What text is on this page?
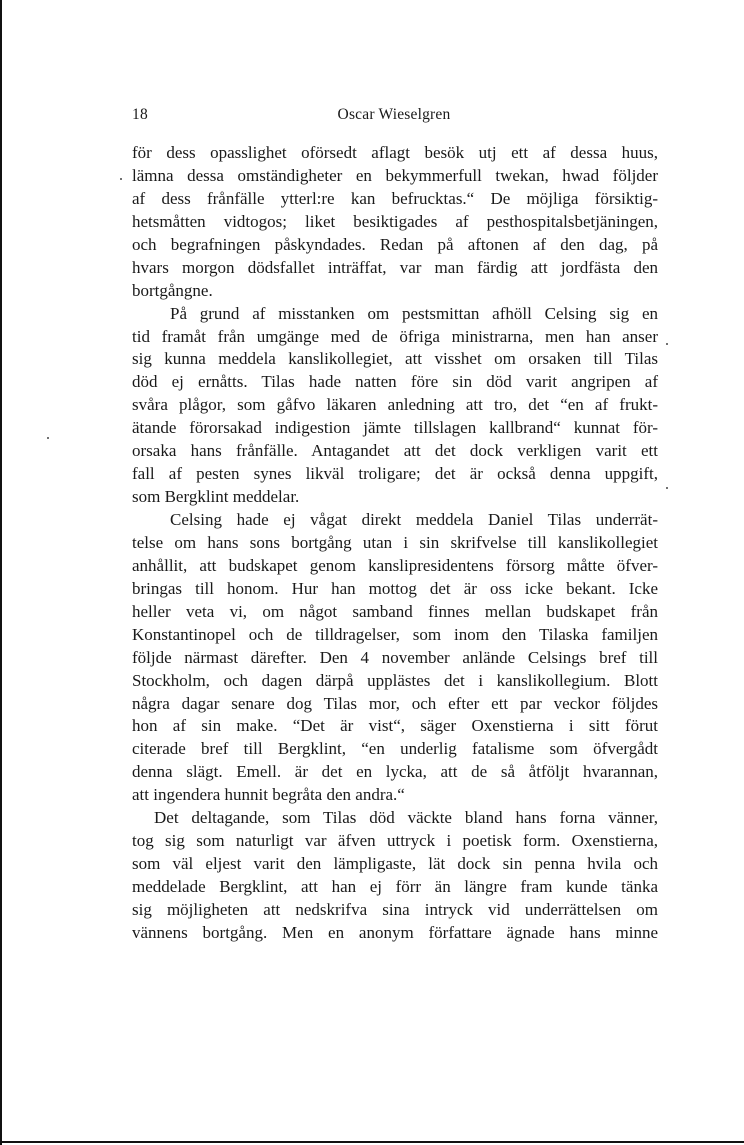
18	Oscar Wieselgren
för dess opasslighet oförsedt aflagt besök utj ett af dessa huus,
lämna dessa omständigheter en bekymmerfull twekan, hwad följder
af dess frånfälle ytterl:re kan befrucktas.“ De möjliga försiktig-
hetsmåtten vidtogos; liket besiktigades af pesthospitalsbetjäningen,
och begrafningen påskyndades. Redan på aftonen af den dag, på
hvars morgon dödsfallet inträffat, var man färdig att jordfästa den
bortgångne.
På grund af misstanken om pestsmittan afhöll Celsing sig en
tid framåt från umgänge med de öfriga ministrarna, men han anser
sig kunna meddela kanslikollegiet, att visshet om orsaken till Tilas
död ej ernåtts. Tilas hade natten före sin död varit angripen af
svåra plågor, som gåfvo läkaren anledning att tro, det “en af frukt-
ätande förorsakad indigestion jämte tillslagen kallbrand“ kunnat för-
orsaka hans frånfälle. Antagandet att det dock verkligen varit ett
fall af pesten synes likväl troligare; det är också denna uppgift,
som Bergklint meddelar.
Celsing hade ej vågat direkt meddela Daniel Tilas underrät-
telse om hans sons bortgång utan i sin skrifvelse till kanslikollegiet
anhållit, att budskapet genom kanslipresidentens försorg måtte öfver-
bringas till honom. Hur han mottog det är oss icke bekant. Icke
heller veta vi, om något samband finnes mellan budskapet från
Konstantinopel och de tilldragelser, som inom den Tilaska familjen
följde närmast därefter. Den 4 november anlände Celsings bref till
Stockholm, och dagen därpå upplästes det i kanslikollegium. Blott
några dagar senare dog Tilas mor, och efter ett par veckor följdes
hon af sin make. “Det är vist“, säger Oxenstierna i sitt förut
citerade bref till Bergklint, “en underlig fatalisme som öfvergådt
denna slägt. Emell. är det en lycka, att de så åtföljt hvarannan,
att ingendera hunnit begråta den andra.“
Det deltagande, som Tilas död väckte bland hans forna vänner,
tog sig som naturligt var äfven uttryck i poetisk form. Oxenstierna,
som väl eljest varit den lämpligaste, lät dock sin penna hvila och
meddelade Bergklint, att han ej förr än längre fram kunde tänka
sig möjligheten att nedskrifva sina intryck vid underrättelsen om
vännens bortgång. Men en anonym författare ägnade hans minne
